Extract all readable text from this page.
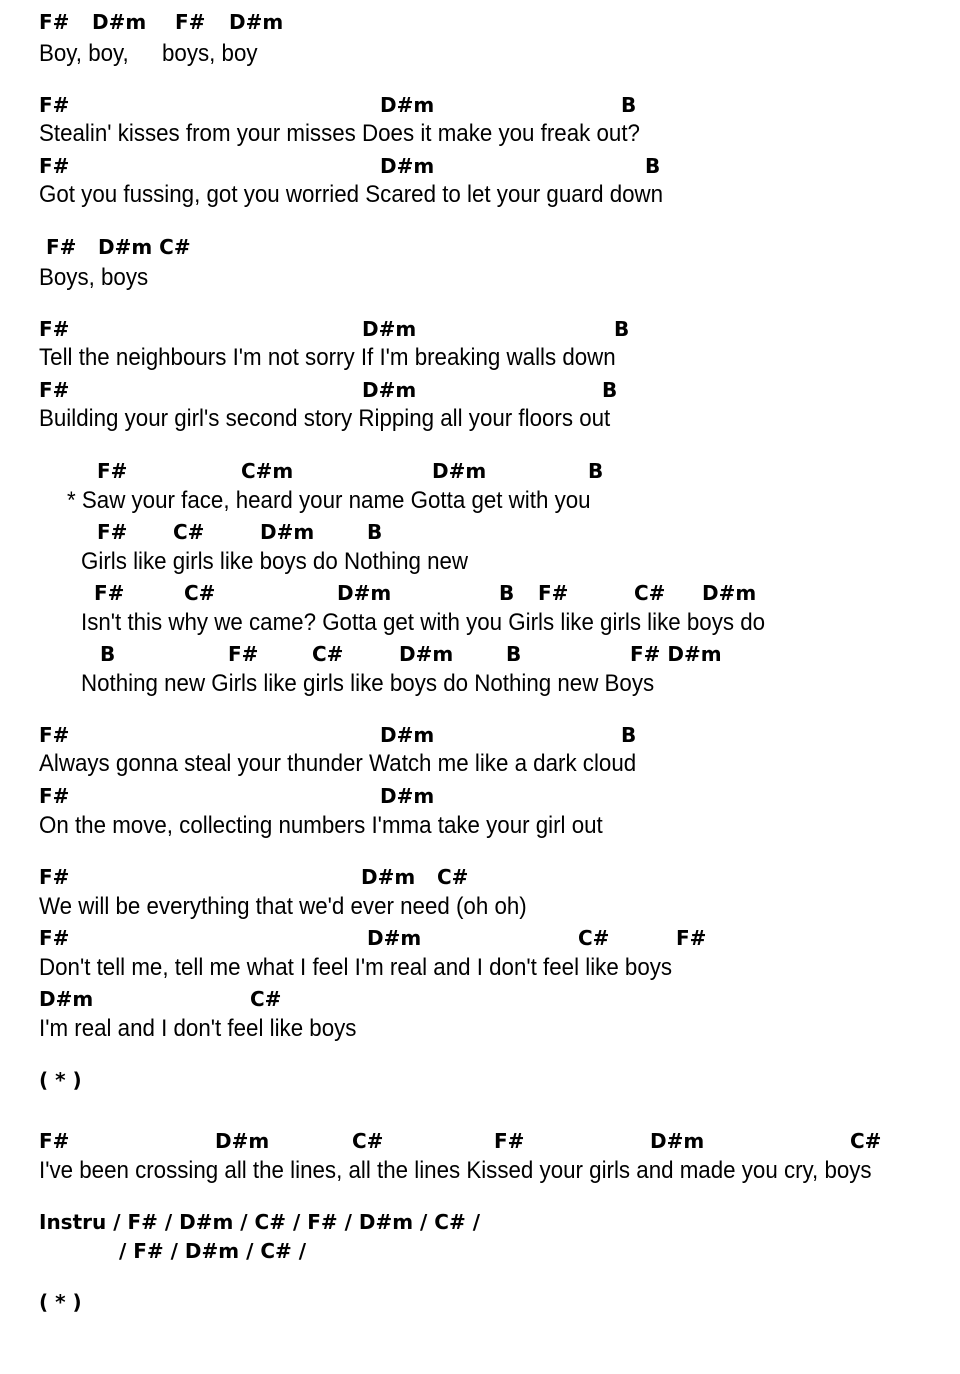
F# D#m F# D#m
Boy, boy, boys, boy
F#	D#m	B
Stealin' kisses from your misses Does it make you freak out?
F#	D#m	B
Got you fussing, got you worried Scared to let your guard down
F# D#m C#
Boys, boys
F#	D#m	B
Tell the neighbours I'm not sorry If I'm breaking walls down
F#	D#m	B
Building your girl's second story Ripping all your floors out
F#	C#m	D#m	B
* Saw your face, heard your name Gotta get with you
F# C#	D#m	B
Girls like girls like boys do Nothing new
F#	C#	D#m	B F#	C# D#m
Isn't this why we came? Gotta get with you Girls like girls like boys do
B	F#	C#	D#m	B	F# D#m
Nothing new Girls like girls like boys do Nothing new Boys
F#	D#m	B
Always gonna steal your thunder Watch me like a dark cloud
F#	D#m
On the move, collecting numbers I'mma take your girl out
F#	D#m C#
We will be everything that we'd ever need (oh oh)
F#	D#m	C#	F#
Don't tell me, tell me what I feel I'm real and I don't feel like boys
D#m	C#
I'm real and I don't feel like boys
( * )
F#	D#m	C#	F#	D#m	C#
I've been crossing all the lines, all the lines Kissed your girls and made you cry, boys
Instru / F# / D#m / C# / F# / D#m / C# /
/ F# / D#m / C# /
( * )
